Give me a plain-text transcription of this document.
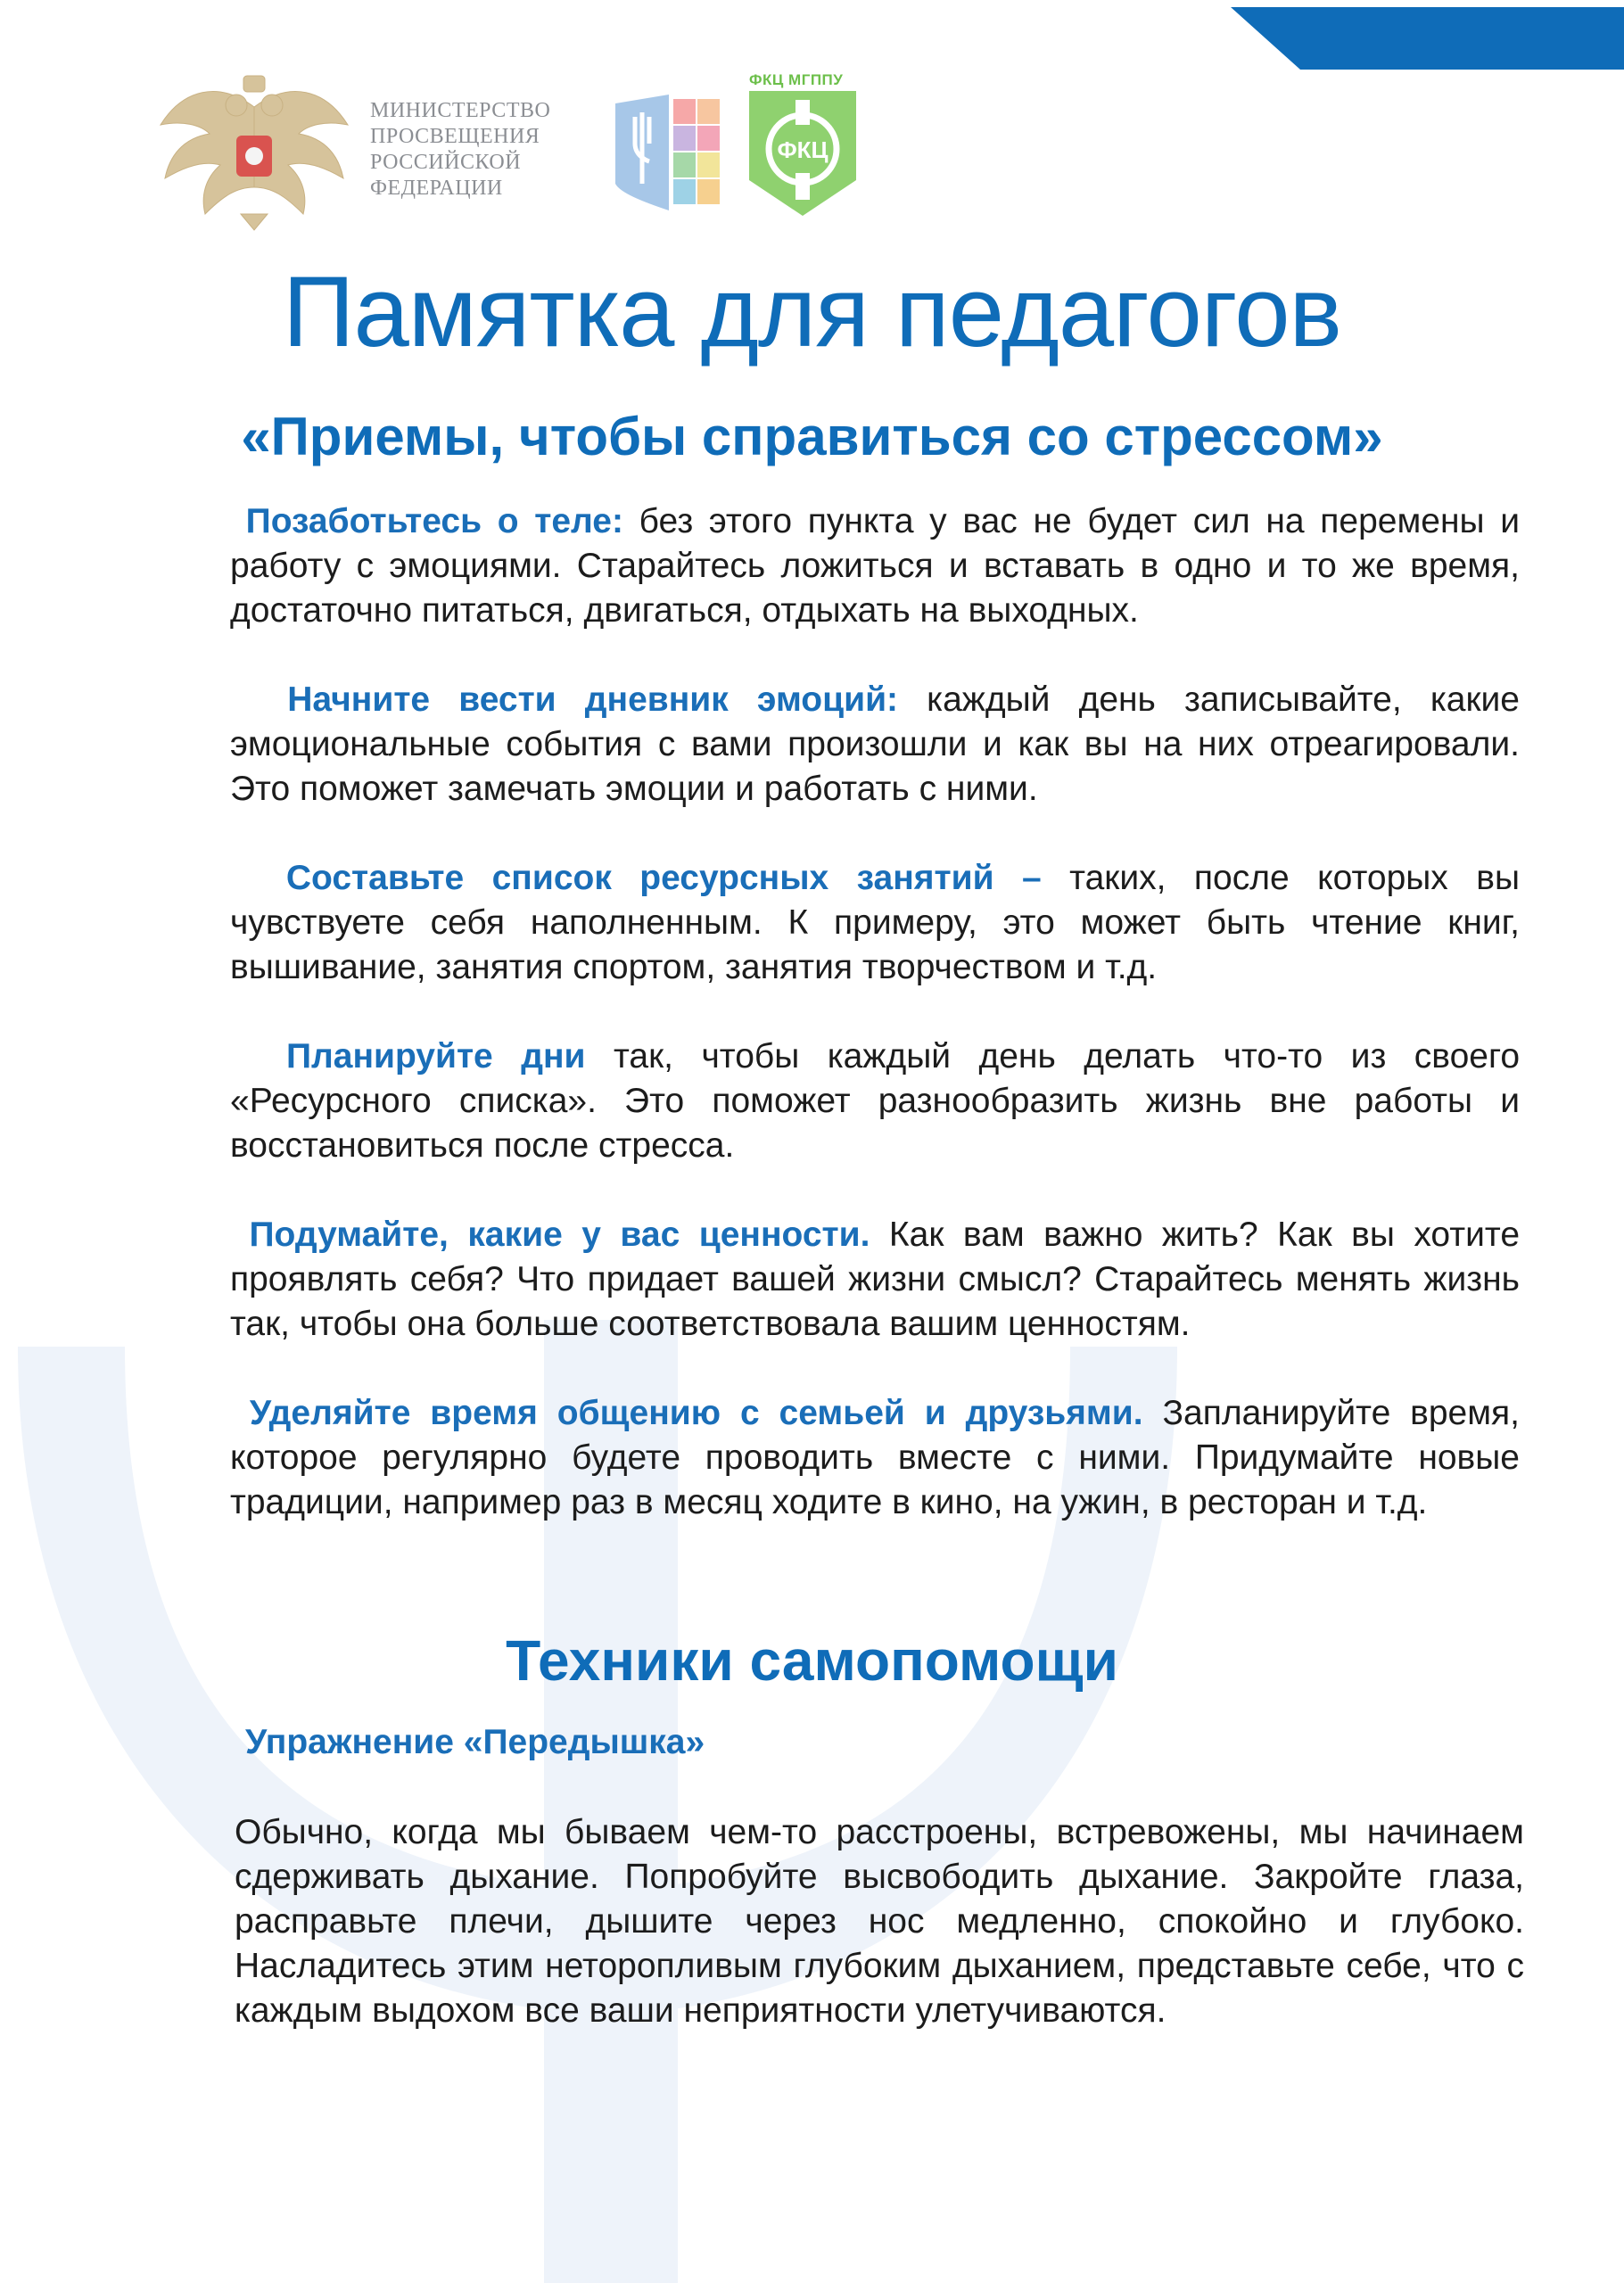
МИНИСТЕРСТВО
ПРОСВЕЩЕНИЯ
РОССИЙСКОЙ
ФЕДЕРАЦИИ
ФКЦ МГППУ
ФКЦ
Памятка для педагогов
«Приемы, чтобы справиться со стрессом»

Позаботьтесь о теле: без этого пункта у вас не будет сил на перемены и работу с эмоциями. Старайтесь ложиться и вставать в одно и то же время, достаточно питаться, двигаться, отдыхать на выходных.

Начните вести дневник эмоций: каждый день записывайте, какие эмоциональные события с вами произошли и как вы на них отреагировали. Это поможет замечать эмоции и работать с ними.

Составьте список ресурсных занятий – таких, после которых вы чувствуете себя наполненным. К примеру, это может быть чтение книг, вышивание, занятия спортом, занятия творчеством и т.д.

Планируйте дни так, чтобы каждый день делать что-то из своего «Ресурсного списка». Это поможет разнообразить жизнь вне работы и восстановиться после стресса.

Подумайте, какие у вас ценности. Как вам важно жить? Как вы хотите проявлять себя? Что придает вашей жизни смысл? Старайтесь менять жизнь так, чтобы она больше соответствовала вашим ценностям.

Уделяйте время общению с семьей и друзьями. Запланируйте время, которое регулярно будете проводить вместе с ними. Придумайте новые традиции, например раз в месяц ходите в кино, на ужин, в ресторан и т.д.

Техники самопомощи
Упражнение «Передышка»
Обычно, когда мы бываем чем-то расстроены, встревожены, мы начинаем сдерживать дыхание. Попробуйте высвободить дыхание. Закройте глаза, расправьте плечи, дышите через нос медленно, спокойно и глубоко. Насладитесь этим неторопливым глубоким дыханием, представьте себе, что с каждым выдохом все ваши неприятности улетучиваются.
